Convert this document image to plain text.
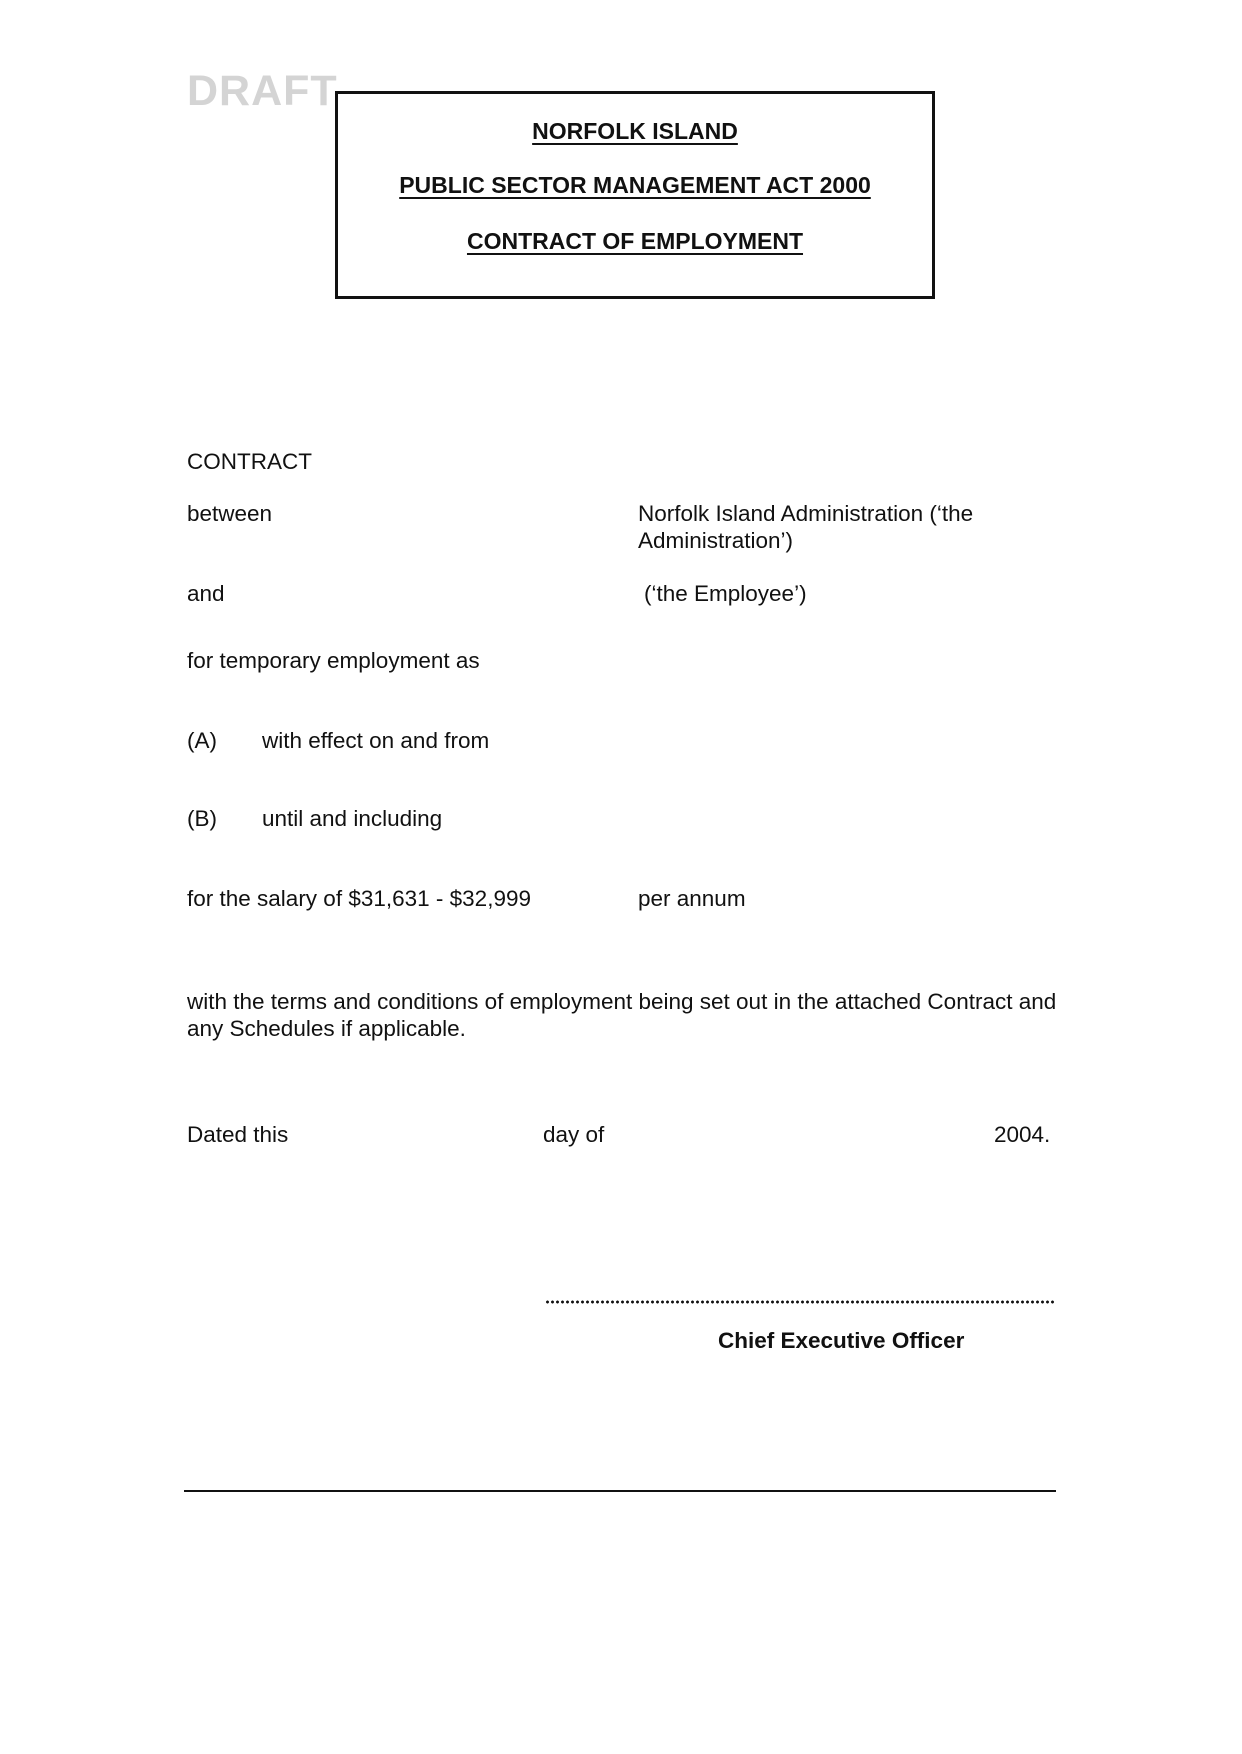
DRAFT
NORFOLK ISLAND
PUBLIC SECTOR MANAGEMENT ACT 2000
CONTRACT OF EMPLOYMENT
CONTRACT
between	Norfolk Island Administration (‘the Administration’)
and	(‘the Employee’)
for temporary employment as
(A) with effect on and from
(B) until and including
for the salary of $31,631 - $32,999	per annum
with the terms and conditions of employment being set out in the attached Contract and any Schedules if applicable.
Dated this	day of	2004.
Chief Executive Officer
